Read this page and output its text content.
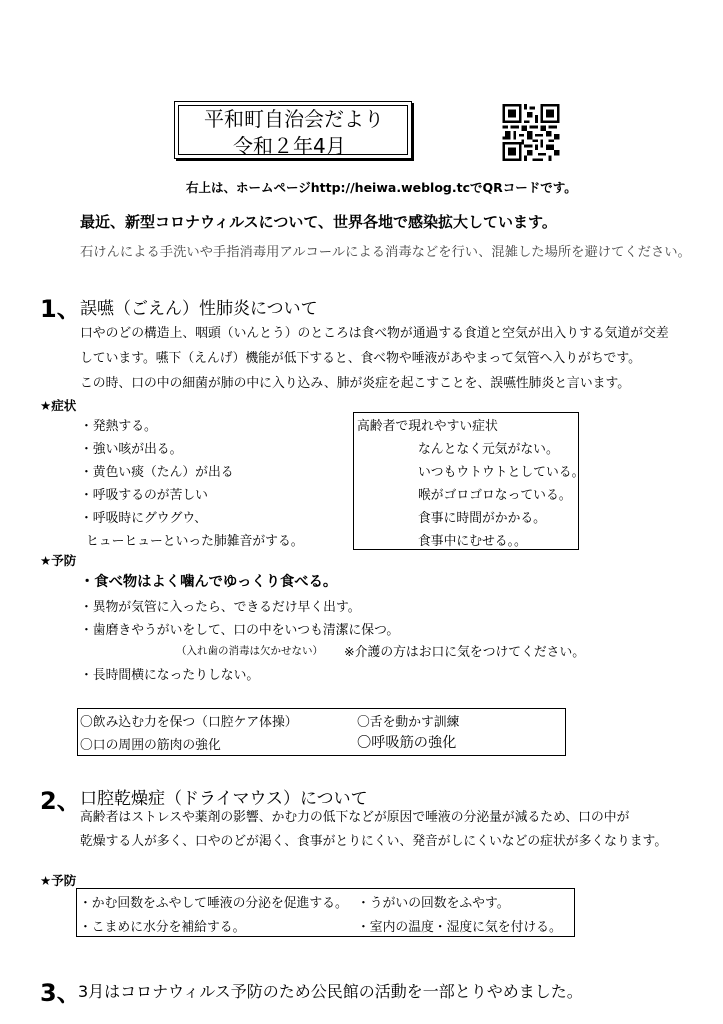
平和町自治会だより
令和２年4月
右上は、ホームページhttp://heiwa.weblog.tcでQRコードです。
最近、新型コロナウィルスについて、世界各地で感染拡大しています。
石けんによる手洗いや手指消毒用アルコールによる消毒などを行い、混雑した場所を避けてください。
1、 誤嚥（ごえん）性肺炎について
口やのどの構造上、咽頭（いんとう）のところは食べ物が通過する食道と空気が出入りする気道が交差
しています。嚥下（えんげ）機能が低下すると、食べ物や唾液があやまって気管へ入りがちです。
この時、口の中の細菌が肺の中に入り込み、肺が炎症を起こすことを、誤嚥性肺炎と言います。
★症状
・発熱する。
・強い咳が出る。
・黄色い痰（たん）が出る
・呼吸するのが苦しい
・呼吸時にグウグウ、
ヒューヒューといった肺雑音がする。
高齢者で現れやすい症状
なんとなく元気がない。
いつもウトウトとしている。
喉がゴロゴロなっている。
食事に時間がかかる。
食事中にむせる。。
★予防
・食べ物はよく噛んでゆっくり食べる。
・異物が気管に入ったら、できるだけ早く出す。
・歯磨きやうがいをして、口の中をいつも清潔に保つ。
（入れ歯の消毒は欠かせない） ※介護の方はお口に気をつけてください。
・長時間横になったりしない。
〇飲み込む力を保つ（口腔ケア体操）	〇舌を動かす訓練
〇口の周囲の筋肉の強化	〇呼吸筋の強化
2、 口腔乾燥症（ドライマウス）について
高齢者はストレスや薬剤の影響、かむ力の低下などが原因で唾液の分泌量が減るため、口の中が
乾燥する人が多く、口やのどが渇く、食事がとりにくい、発音がしにくいなどの症状が多くなります。
★予防
・かむ回数をふやして唾液の分泌を促進する。 ・うがいの回数をふやす。
・こまめに水分を補給する。	・室内の温度・湿度に気を付ける。
3、
3月はコロナウィルス予防のため公民館の活動を一部とりやめました。
